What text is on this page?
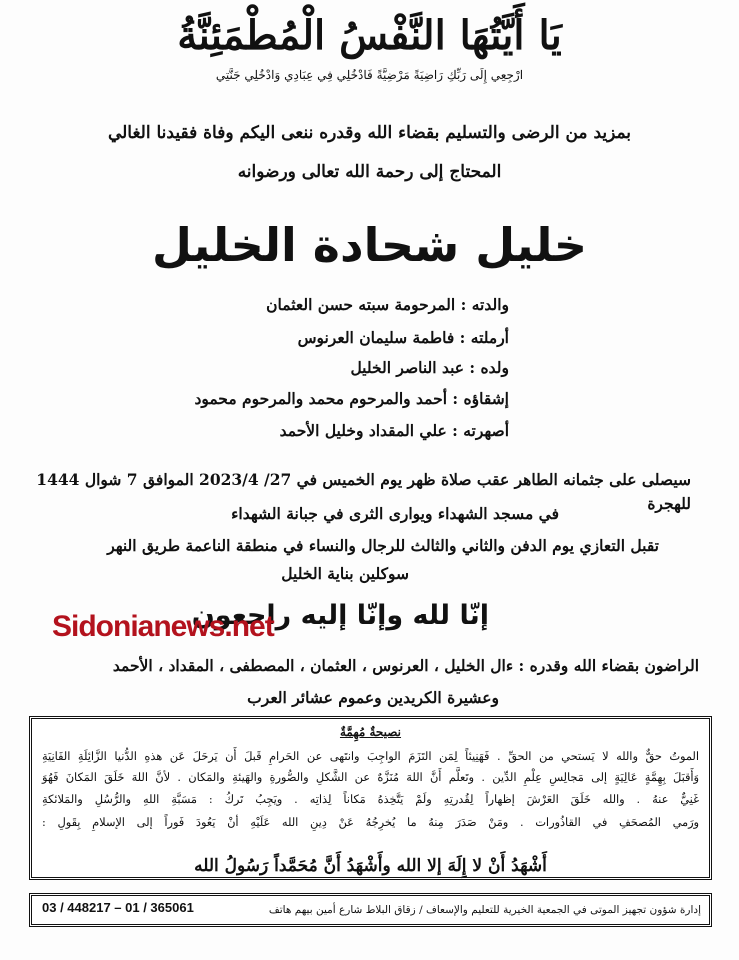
يَا أَيَّتُهَا النَّفْسُ الْمُطْمَئِنَّةُ
ارْجِعِي إِلَى رَبِّكِ رَاضِيَةً مَرْضِيَّةً فَادْخُلِي فِي عِبَادِي وَادْخُلِي جَنَّتِي
بمزيد من الرضى والتسليم بقضاء الله وقدره ننعى اليكم وفاة فقيدنا الغالي
المحتاج إلى رحمة الله تعالى ورضوانه
خليل شحادة الخليل
والدته : المرحومة سبته حسن العثمان
أرملته : فاطمة سليمان العرنوس
ولده : عبد الناصر الخليل
إشقاؤه : أحمد والمرحوم محمد والمرحوم محمود
أصهرته : علي المقداد وخليل الأحمد
سيصلى على جثمانه الطاهر عقب صلاة ظهر يوم الخميس في 27/ 2023/4 الموافق 7 شوال 1444 للهجرة
في مسجد الشهداء ويوارى الثرى في جبانة الشهداء
تقبل التعازي يوم الدفن والثاني والثالث للرجال والنساء في منطقة الناعمة طريق النهر
سوكلين بناية الخليل
إنّا لله وإنّا إليه راجعون
Sidonianews.net
الراضون بقضاء الله وقدره : ءال الخليل ، العرنوس ، العثمان ، المصطفى ، المقداد ، الأحمد
وعشيرة الكريدين وعموم عشائر العرب
نصيحةٌ مُهِمَّةٌ
الموتُ حقٌّ والله لا يَستحي من الحقِّ . فَهَنِيئاً لِمَن التَزَمَ الواجِبَ وانتَهى عن الحَرامِ قَبلَ أَن يَرحَلَ عَن هذهِ الدُّنيا الزَّائِلَةِ الفَانِيَةِ
وَأَقبَلَ بِهِمَّةٍ عَالِيَةٍ إلى مَجالِسِ عِلْمِ الدِّين . وتَعلَّم أَنَّ اللهَ مُنَزَّهٌ عن الشَّكلِ والصُّورةِ والهَيئةِ والمَكان . لأنَّ اللهَ خَلَقَ المَكانَ فَهُوَ
غَنِيٌّ عنهُ . والله خَلَقَ العَرْشَ إظهاراً لِقُدرتِهِ ولَمْ يَتَّخِذهُ مَكاناً لِذاتِه . ويَجِبُ تَركُ : مَسَبَّةِ اللهِ والرُّسُلِ والمَلائكةِ
ورَمي المُصحَفِ في القاذُورات . ومَنْ صَدَرَ مِنهُ ما يُخرِجُهُ عَنْ دِينِ الله عَلَيْهِ أنْ يَعُودَ فَوراً إلى الإسلامِ بِقَولِ :
أَشْهَدُ أَنْ لا إِلَهَ إلا الله وأَشْهَدُ أَنَّ مُحَمَّداً رَسُولُ الله
إدارة شؤون تجهيز الموتى في الجمعية الخيرية للتعليم والإسعاف / زقاق البلاط شارع أمين بيهم هاتف
03 / 448217 – 01 / 365061
